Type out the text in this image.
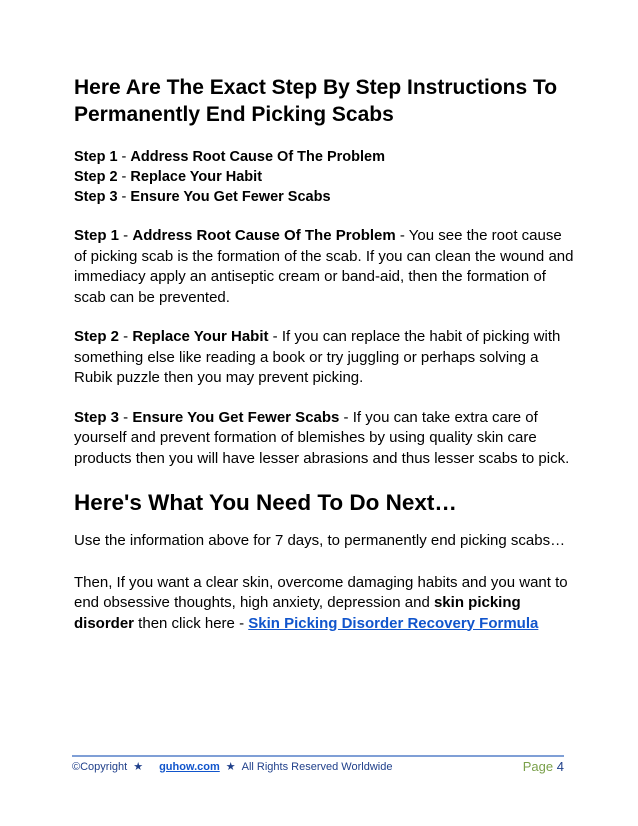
Here Are The Exact Step By Step Instructions To Permanently End Picking Scabs
Step 1 - Address Root Cause Of The Problem
Step 2 - Replace Your Habit
Step 3 - Ensure You Get Fewer Scabs

Step 1 - Address Root Cause Of The Problem - You see the root cause of picking scab is the formation of the scab. If you can clean the wound and immediacy apply an antiseptic cream or band-aid, then the formation of scab can be prevented.

Step 2 - Replace Your Habit - If you can replace the habit of picking with something else like reading a book or try juggling or perhaps solving a Rubik puzzle then you may prevent picking.

Step 3 - Ensure You Get Fewer Scabs - If you can take extra care of yourself and prevent formation of blemishes by using quality skin care products then you will have lesser abrasions and thus lesser scabs to pick.

Here's What You Need To Do Next…

Use the information above for 7 days, to permanently end picking scabs…

Then, If you want a clear skin, overcome damaging habits and you want to end obsessive thoughts, high anxiety, depression and skin picking disorder then click here - Skin Picking Disorder Recovery Formula

©Copyright ★ guhow.com ★ All Rights Reserved Worldwide	Page 4
